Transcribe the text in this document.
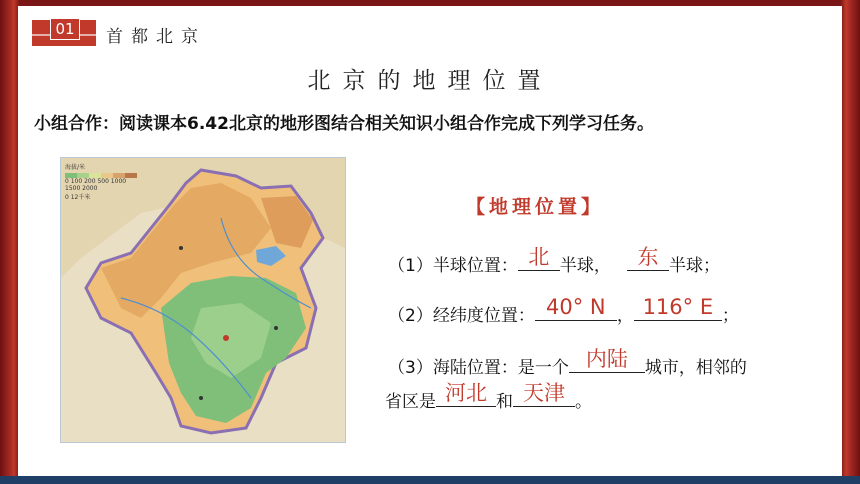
01	首都北京
北京的地理位置
小组合作：阅读课本6.42北京的地形图结合相关知识小组合作完成下列学习任务。
海拔/米
0 100 200 500 1000 1500 2000
0 12千米	【地理位置】
（1）半球位置： 北 半球，	东 半球；
（2）经纬度位置： 40° N ， 116° E ；
（3）海陆位置：是一个 内陆	城市，相邻的
省区是 河北 和 天津 。
